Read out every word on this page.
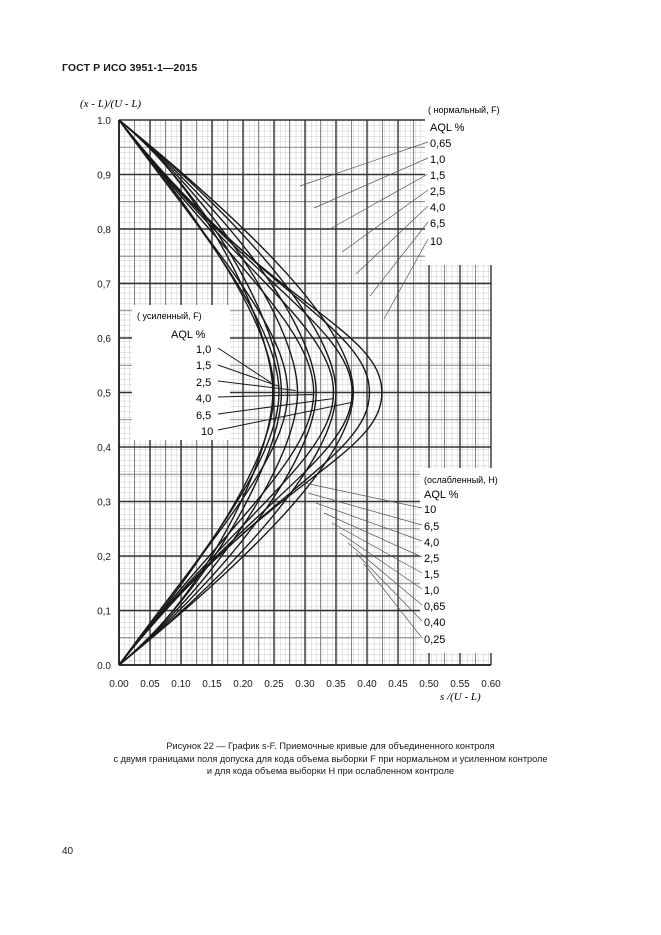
ГОСТ Р ИСО 3951-1—2015
0.0
0,1
0,2
0,3
0,4
0,5
0,6
0,7
0,8
0,9
1.0
0.00 0.05 0.10 0.15 0.20 0.25 0.30 0.35 0.40 0.45 0.50 0.55 0.60
(x - L)/(U - L)
s /(U - L)
( нормальный, F)
AQL %
0,65
1,0
1,5
2,5
4,0
6,5
10
( усиленный, F)
AQL %
1,0
1,5
2,5
4,0
6,5
10
(ослабленный, H)
AQL %
10
6,5
4,0
2,5
1,5
1,0
0,65
0,40
0,25
Рисунок 22 — График s-F. Приемочные кривые для объединенного контроля
с двумя границами поля допуска для кода объема выборки F при нормальном и усиленном контроле
и для кода объема выборки H при ослабленном контроле
40
